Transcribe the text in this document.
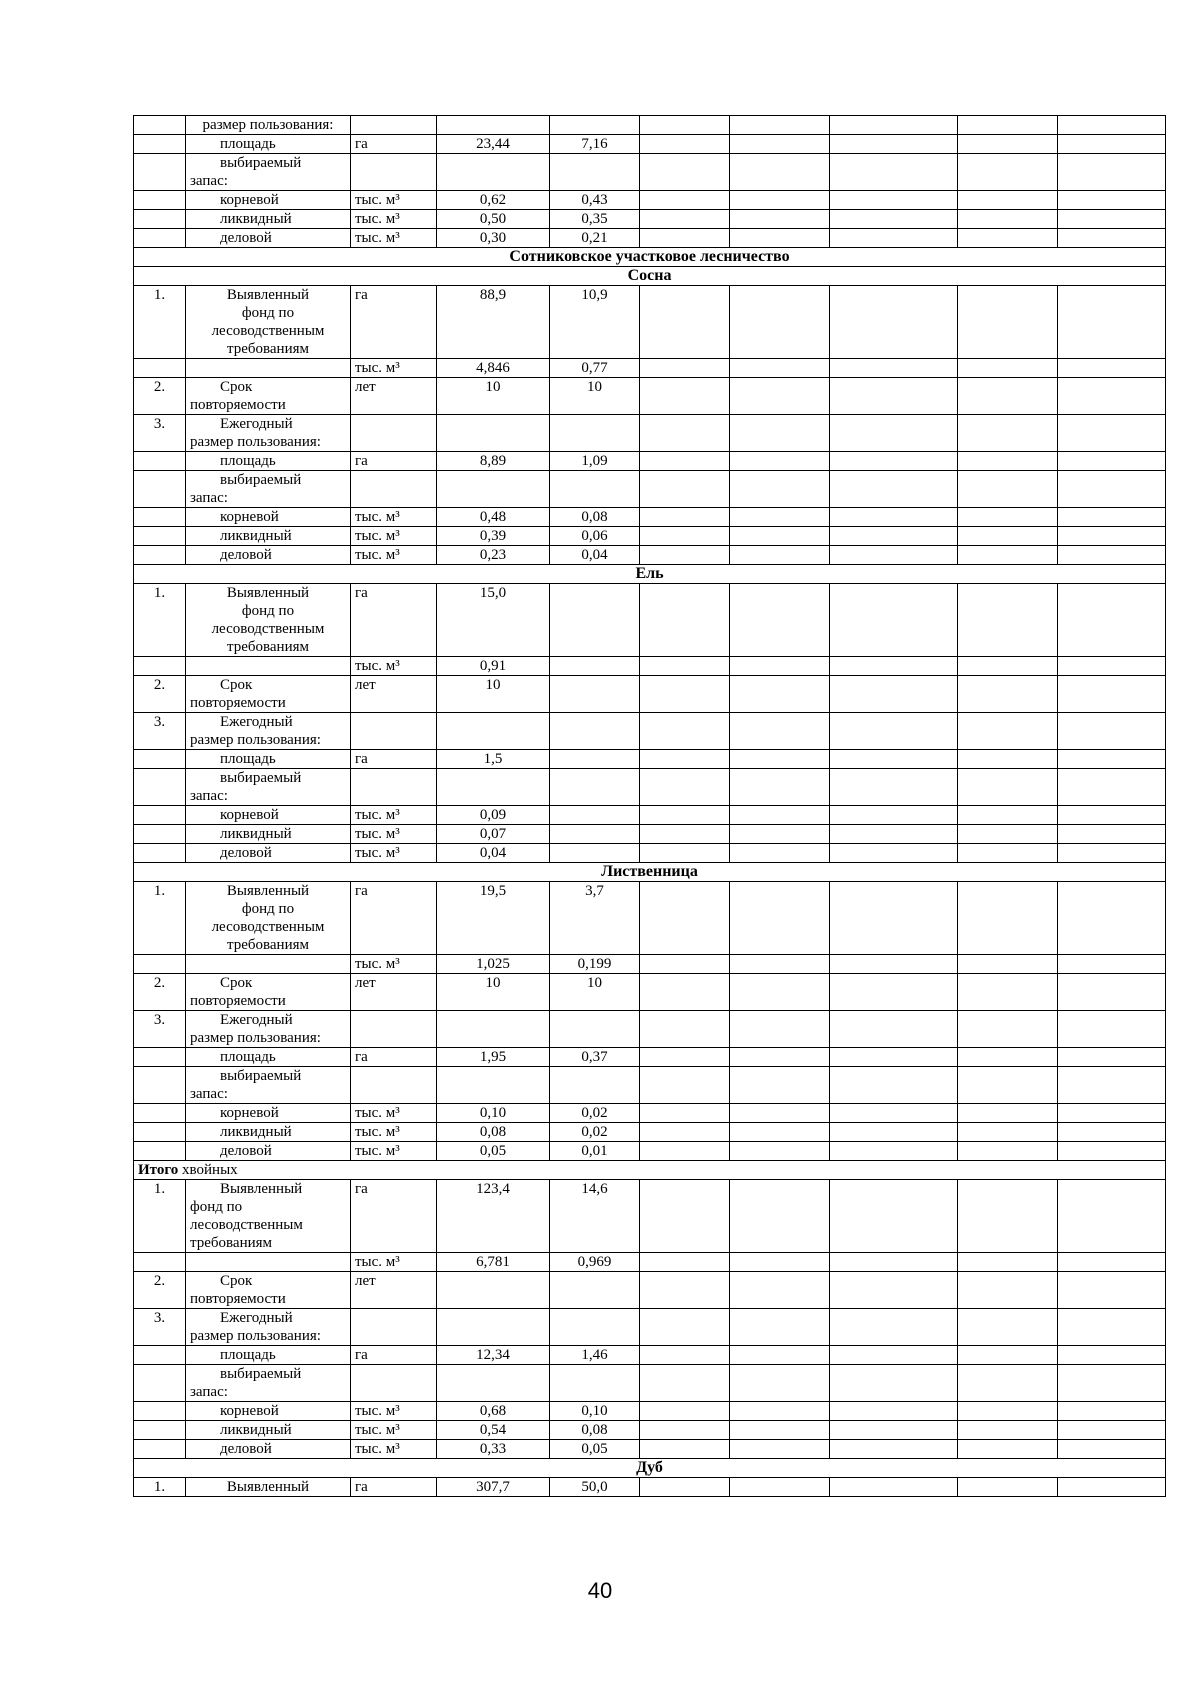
	размер пользования:									

	площадь	га	23,44	7,16						

	выбираемый
запас:									

	корневой	тыс. м³	0,62	0,43						

	ликвидный	тыс. м³	0,50	0,35						

	деловой	тыс. м³	0,30	0,21						
Сотниковское участковое лесничество										
Сосна										
1.	Выявленный
фонд по
лесоводственным
требованиям	га	88,9	10,9						

	тыс. м³	4,846	0,77						
2.	Срок
повторяемости	лет	10	10						
3.	Ежегодный
размер пользования:									

	площадь	га	8,89	1,09						

	выбираемый
запас:									

	корневой	тыс. м³	0,48	0,08						

	ликвидный	тыс. м³	0,39	0,06						

	деловой	тыс. м³	0,23	0,04						
Ель										
1.	Выявленный
фонд по
лесоводственным
требованиям	га	15,0							

	тыс. м³	0,91							
2.	Срок
повторяемости	лет	10							
3.	Ежегодный
размер пользования:									

	площадь	га	1,5							

	выбираемый
запас:									

	корневой	тыс. м³	0,09							

	ликвидный	тыс. м³	0,07							

	деловой	тыс. м³	0,04							
Лиственница										
1.	Выявленный
фонд по
лесоводственным
требованиям	га	19,5	3,7						

	тыс. м³	1,025	0,199						
2.	Срок
повторяемости	лет	10	10						
3.	Ежегодный
размер пользования:									

	площадь	га	1,95	0,37						

	выбираемый
запас:									

	корневой	тыс. м³	0,10	0,02						

	ликвидный	тыс. м³	0,08	0,02						

	деловой	тыс. м³	0,05	0,01						
Итого хвойных										
1.	Выявленный
фонд по
лесоводственным
требованиям	га	123,4	14,6						

	тыс. м³	6,781	0,969						
2.	Срок
повторяемости	лет								
3.	Ежегодный
размер пользования:									

	площадь	га	12,34	1,46						

	выбираемый
запас:									

	корневой	тыс. м³	0,68	0,10						

	ликвидный	тыс. м³	0,54	0,08						

	деловой	тыс. м³	0,33	0,05						
Дуб										
1.	Выявленный	га	307,7	50,0						
40
